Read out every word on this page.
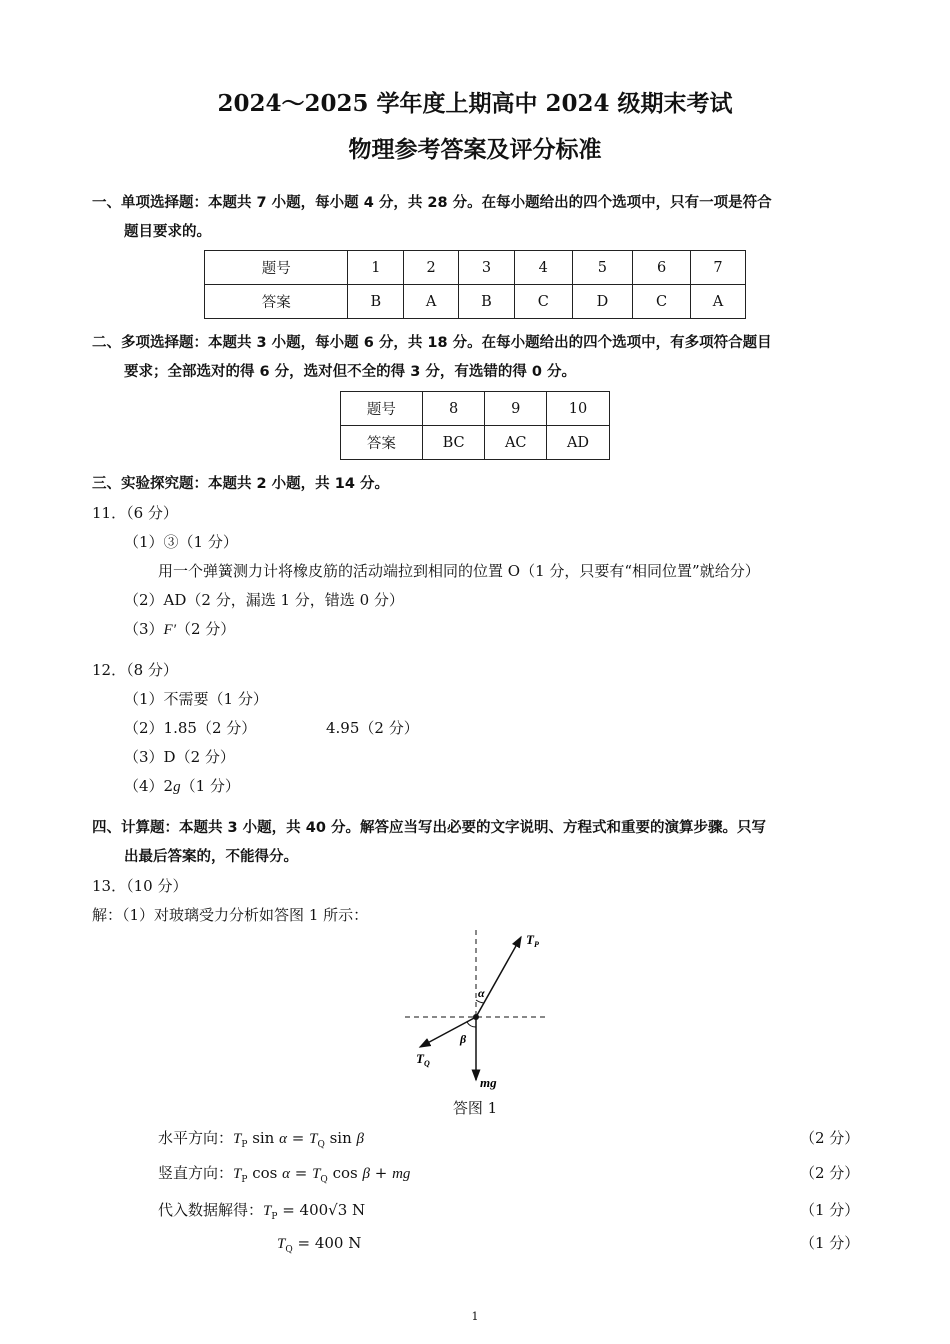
2024～2025 学年度上期高中 2024 级期末考试
物理参考答案及评分标准
一、单项选择题：本题共 7 小题，每小题 4 分，共 28 分。在每小题给出的四个选项中，只有一项是符合
题目要求的。
题号	1	2	3	4	5	6	7
答案	B	A	B	C	D	C	A
二、多项选择题：本题共 3 小题，每小题 6 分，共 18 分。在每小题给出的四个选项中，有多项符合题目
要求；全部选对的得 6 分，选对但不全的得 3 分，有选错的得 0 分。
题号	8	9	10
答案	BC	AC	AD
三、实验探究题：本题共 2 小题，共 14 分。
11．（6 分）
（1）③（1 分）
用一个弹簧测力计将橡皮筋的活动端拉到相同的位置 O（1 分，只要有“相同位置”就给分）
（2）AD（2 分，漏选 1 分，错选 0 分）
（3）F′（2 分）
12．（8 分）
（1）不需要（1 分）
（2）1.85（2 分）	4.95（2 分）
（3）D（2 分）
（4）2g（1 分）
四、计算题：本题共 3 小题，共 40 分。解答应当写出必要的文字说明、方程式和重要的演算步骤。只写
出最后答案的，不能得分。
13．（10 分）
解：（1）对玻璃受力分析如答图 1 所示：
$T_P$
α
β
$T_Q$
mg
答图 1
水平方向：$T_P$ $\sin \alpha = T_Q$ sin β	（2 分）
竖直方向：$T_P$ $\cos \alpha = T_Q$ cos β + mg	（2 分）
代入数据解得：$T_P = 400√3$ N	（1 分）
$T_Q = 400$ N	（1 分）
1
